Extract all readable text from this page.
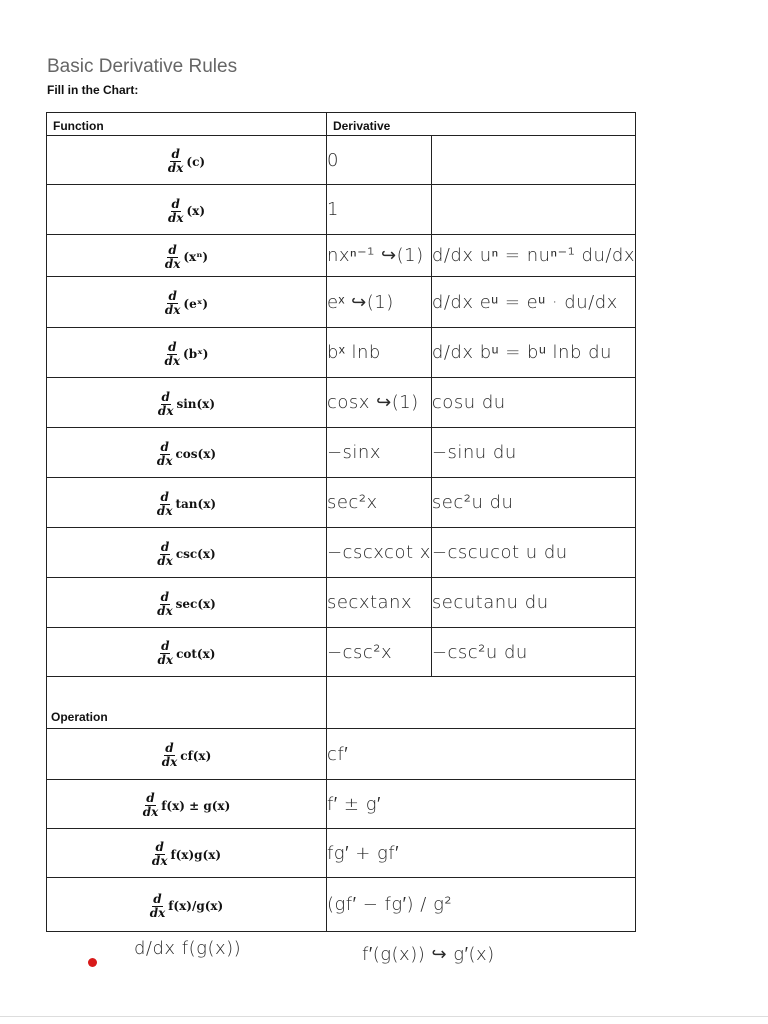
Basic Derivative Rules
Fill in the Chart:
Function	Derivative	

$\frac{d}{dx} (c)$	0	

$\frac{d}{dx} (x)$	1	

$\frac{d}{dx} (x^n)$	nxⁿ⁻¹ ↪(1)	d/dx uⁿ = nuⁿ⁻¹ du/dx

$\frac{d}{dx}$ (eˣ)	eˣ ↪(1)	d/dx eᵘ = eᵘ · du/dx

$\frac{d}{dx}$ (bˣ)	bˣ lnb	d/dx bᵘ = bᵘ lnb du

$\frac{d}{dx} \sin(x)$	cosx ↪(1)	cosu du

$\frac{d}{dx} \cos(x)$	−sinx	−sinu du

$\frac{d}{dx} \tan(x)$	sec²x	sec²u du

$\frac{d}{dx} \csc(x)$	−cscxcot x	−cscucot u du

$\frac{d}{dx} \sec(x)$	secxtanx	secutanu du

$\frac{d}{dx} \cot(x)$	−csc²x	−csc²u du
Operation		

$\frac{d}{dx} cf(x)$	cf′	

$\frac{d}{dx} f(x) \pm g(x)$	f′ ± g′	

$\frac{d}{dx} f(x)g(x)$	fg′ + gf′	

$\frac{d}{dx} f(x)/g(x)$	(gf′ − fg′) / g²	
d/dx f(g(x))	f′(g(x)) ↪ g′(x)
